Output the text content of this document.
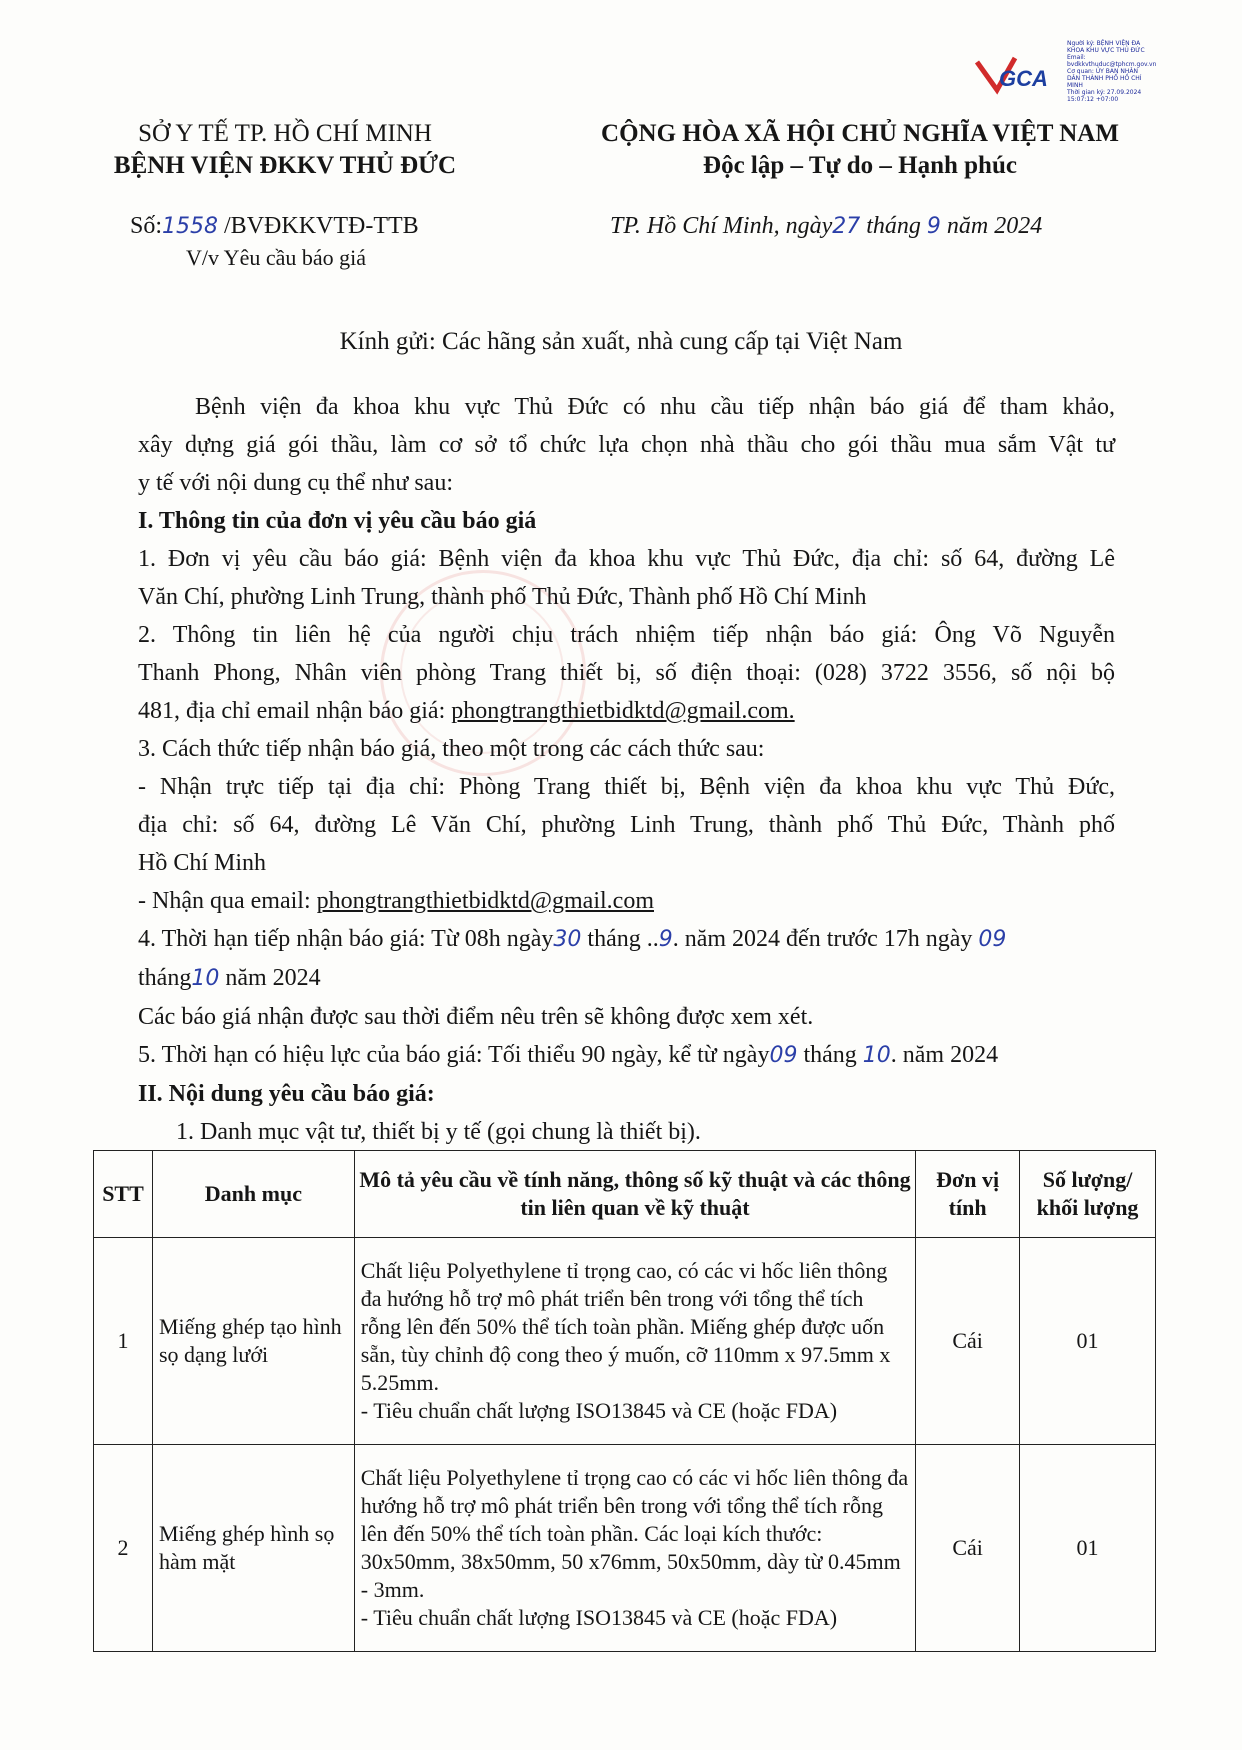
GCA
Người ký: BỆNH VIỆN ĐA
KHOA KHU VỰC THỦ ĐỨC
Email:
bvdkkvthuduc@tphcm.gov.vn
Cơ quan: ỦY BAN NHÂN
DÂN THÀNH PHỐ HỒ CHÍ
MINH
Thời gian ký: 27.09.2024
15:07:12 +07:00
SỞ Y TẾ TP. HỒ CHÍ MINH
BỆNH VIỆN ĐKKV THỦ ĐỨC
CỘNG HÒA XÃ HỘI CHỦ NGHĨA VIỆT NAM
Độc lập – Tự do – Hạnh phúc
Số:1558 /BVĐKKVTĐ-TTB
V/v Yêu cầu báo giá
TP. Hồ Chí Minh, ngày27 tháng 9 năm 2024
Kính gửi: Các hãng sản xuất, nhà cung cấp tại Việt Nam

Bệnh viện đa khoa khu vực Thủ Đức có nhu cầu tiếp nhận báo giá để tham khảo,

xây dựng giá gói thầu, làm cơ sở tổ chức lựa chọn nhà thầu cho gói thầu mua sắm Vật tư

y tế với nội dung cụ thể như sau:

I. Thông tin của đơn vị yêu cầu báo giá

1. Đơn vị yêu cầu báo giá: Bệnh viện đa khoa khu vực Thủ Đức, địa chỉ: số 64, đường Lê

Văn Chí, phường Linh Trung, thành phố Thủ Đức, Thành phố Hồ Chí Minh

2. Thông tin liên hệ của người chịu trách nhiệm tiếp nhận báo giá: Ông Võ Nguyễn

Thanh Phong, Nhân viên phòng Trang thiết bị, số điện thoại: (028) 3722 3556, số nội bộ

481, địa chỉ email nhận báo giá: phongtrangthietbidktd@gmail.com.

3. Cách thức tiếp nhận báo giá, theo một trong các cách thức sau:

- Nhận trực tiếp tại địa chỉ: Phòng Trang thiết bị, Bệnh viện đa khoa khu vực Thủ Đức,

địa chỉ: số 64, đường Lê Văn Chí, phường Linh Trung, thành phố Thủ Đức, Thành phố

Hồ Chí Minh

- Nhận qua email: phongtrangthietbidktd@gmail.com

4. Thời hạn tiếp nhận báo giá: Từ 08h ngày30 tháng ..9. năm 2024 đến trước 17h ngày 09

tháng10 năm 2024

Các báo giá nhận được sau thời điểm nêu trên sẽ không được xem xét.

5. Thời hạn có hiệu lực của báo giá: Tối thiểu 90 ngày, kể từ ngày09 tháng 10. năm 2024

II. Nội dung yêu cầu báo giá:

1. Danh mục vật tư, thiết bị y tế (gọi chung là thiết bị).

STT	Danh mục	Mô tả yêu cầu về tính năng, thông số kỹ thuật và các thông tin liên quan về kỹ thuật	Đơn vị tính	Số lượng/ khối lượng
1	Miếng ghép tạo hình sọ dạng lưới	Chất liệu Polyethylene tỉ trọng cao, có các vi hốc liên thông đa hướng hỗ trợ mô phát triển bên trong với tổng thể tích rỗng lên đến 50% thể tích toàn phần. Miếng ghép được uốn sẵn, tùy chỉnh độ cong theo ý muốn, cỡ 110mm x 97.5mm x 5.25mm.
- Tiêu chuẩn chất lượng ISO13845 và CE (hoặc FDA)	Cái	01
2	Miếng ghép hình sọ hàm mặt	Chất liệu Polyethylene tỉ trọng cao có các vi hốc liên thông đa hướng hỗ trợ mô phát triển bên trong với tổng thể tích rỗng lên đến 50% thể tích toàn phần. Các loại kích thước: 30x50mm, 38x50mm, 50 x76mm, 50x50mm, dày từ 0.45mm - 3mm.
- Tiêu chuẩn chất lượng ISO13845 và CE (hoặc FDA)	Cái	01
